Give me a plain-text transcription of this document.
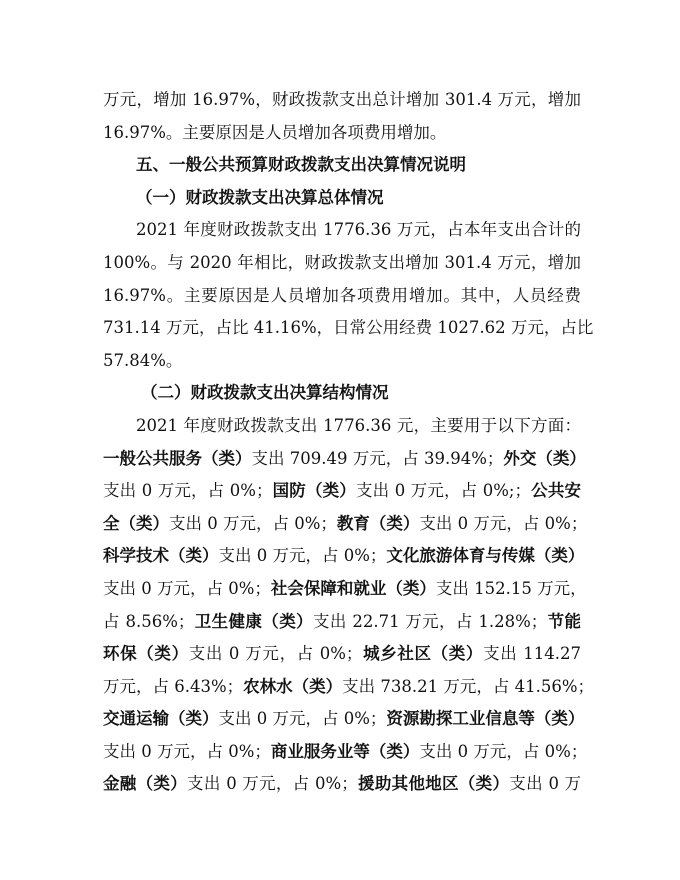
万元，增加 16.97%，财政拨款支出总计增加 301.4 万元，增加
16.97%。主要原因是人员增加各项费用增加。
五、一般公共预算财政拨款支出决算情况说明
（一）财政拨款支出决算总体情况
2021 年度财政拨款支出 1776.36 万元，占本年支出合计的
100%。与 2020 年相比，财政拨款支出增加 301.4 万元，增加
16.97%。主要原因是人员增加各项费用增加。其中，人员经费
731.14 万元，占比 41.16%，日常公用经费 1027.62 万元，占比
57.84%。
（二）财政拨款支出决算结构情况
2021 年度财政拨款支出 1776.36 元，主要用于以下方面：
一般公共服务（类）支出 709.49 万元，占 39.94%；外交（类）
支出 0 万元，占 0%；国防（类）支出 0 万元，占 0%;；公共安
全（类）支出 0 万元，占 0%；教育（类）支出 0 万元，占 0%；
科学技术（类）支出 0 万元，占 0%；文化旅游体育与传媒（类）
支出 0 万元，占 0%；社会保障和就业（类）支出 152.15 万元，
占 8.56%；卫生健康（类）支出 22.71 万元，占 1.28%；节能
环保（类）支出 0 万元，占 0%；城乡社区（类）支出 114.27
万元，占 6.43%；农林水（类）支出 738.21 万元，占 41.56%；
交通运输（类）支出 0 万元，占 0%；资源勘探工业信息等（类）
支出 0 万元，占 0%；商业服务业等（类）支出 0 万元，占 0%；
金融（类）支出 0 万元，占 0%；援助其他地区（类）支出 0 万
